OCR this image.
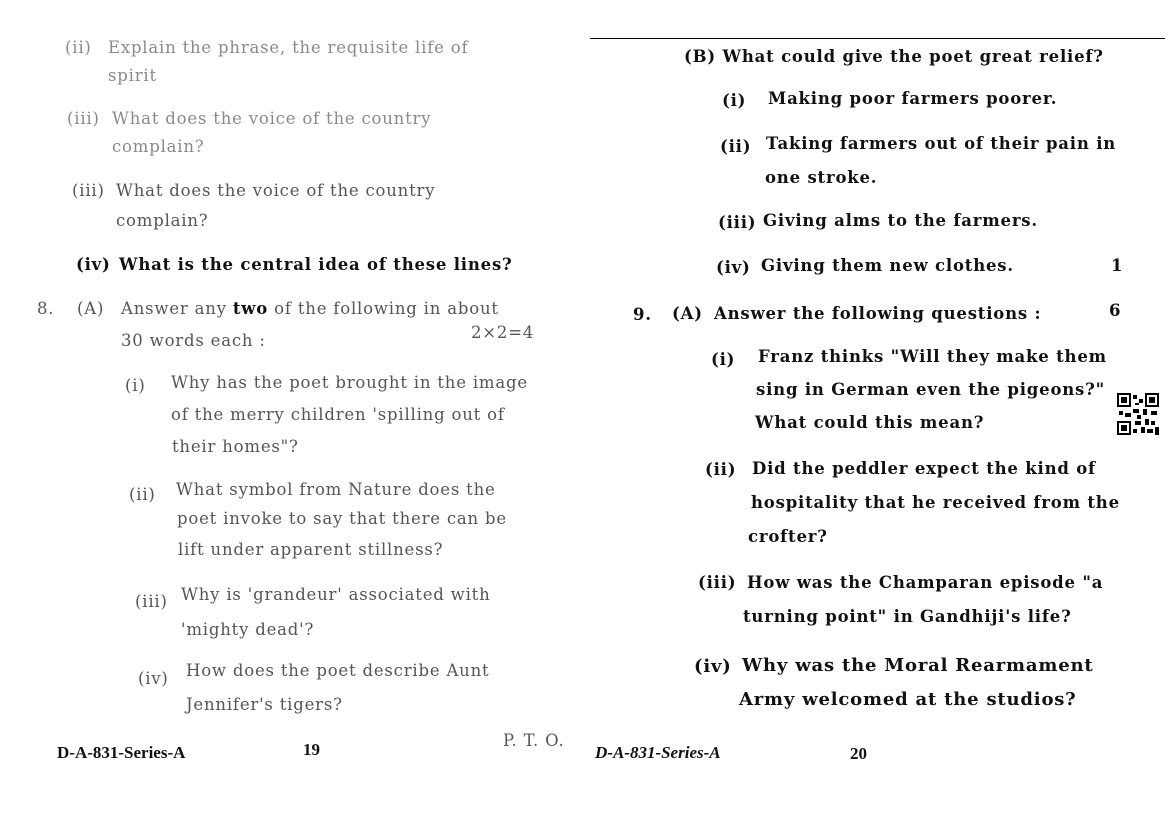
(ii) Explain the phrase, the requisite life of
spirit
(iii) What does the voice of the country
complain?
(iii) What does the voice of the country
complain?
(iv) What is the central idea of these lines?
8. (A) Answer any two of the following in about
30 words each :	2×2=4
(i) Why has the poet brought in the image
of the merry children 'spilling out of
their homes"?
(ii) What symbol from Nature does the
poet invoke to say that there can be
lift under apparent stillness?
(iii) Why is 'grandeur' associated with
'mighty dead'?
(iv) How does the poet describe Aunt
Jennifer's tigers?
P. T. O.
D-A-831-Series-A	19
(B) What could give the poet great relief?
(i) Making poor farmers poorer.
(ii) Taking farmers out of their pain in
one stroke.
(iii) Giving alms to the farmers.
(iv) Giving them new clothes.	1
9. (A) Answer the following questions :	6
(i) Franz thinks "Will they make them
sing in German even the pigeons?"
What could this mean?
(ii) Did the peddler expect the kind of
hospitality that he received from the
crofter?
(iii) How was the Champaran episode "a
turning point" in Gandhiji's life?
(iv) Why was the Moral Rearmament
Army welcomed at the studios?
D-A-831-Series-A	20
